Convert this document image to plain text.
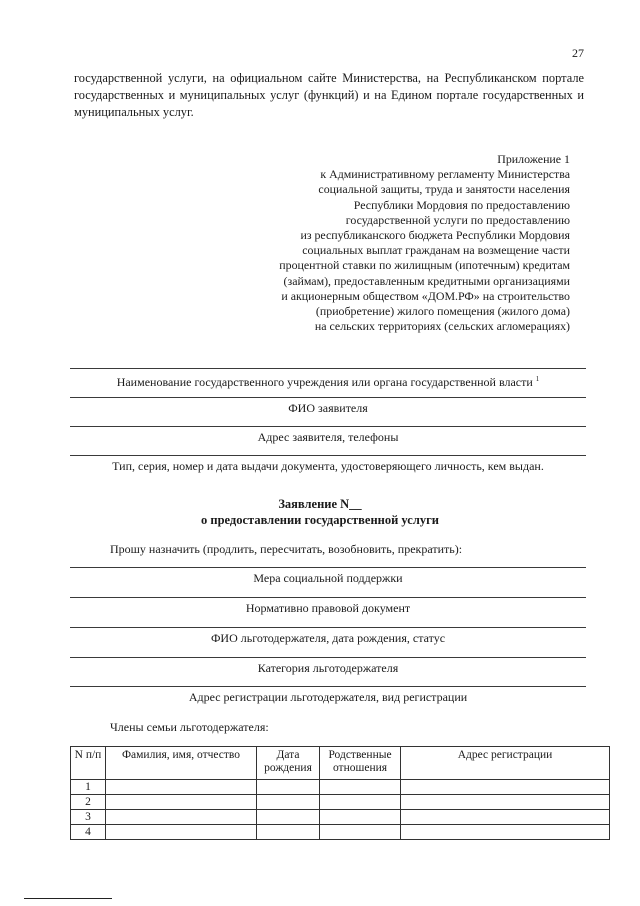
27

государственной услуги, на официальном сайте Министерства, на Республиканском портале государственных и муниципальных услуг (функций) и на Едином портале государственных и муниципальных услуг.

Приложение 1
к Административному регламенту Министерства
социальной защиты, труда и занятости населения
Республики Мордовия по предоставлению
государственной услуги по предоставлению
из республиканского бюджета Республики Мордовия
социальных выплат гражданам на возмещение части
процентной ставки по жилищным (ипотечным) кредитам
(займам), предоставленным кредитными организациями
и акционерным обществом «ДОМ.РФ» на строительство
(приобретение) жилого помещения (жилого дома)
на сельских территориях (сельских агломерациях)
Наименование государственного учреждения или органа государственной власти $^1$
ФИО заявителя
Адрес заявителя, телефоны
Тип, серия, номер и дата выдачи документа, удостоверяющего личность, кем выдан.
Заявление N__
о предоставлении государственной услуги
Прошу назначить (продлить, пересчитать, возобновить, прекратить):
Мера социальной поддержки
Нормативно правовой документ
ФИО льготодержателя, дата рождения, статус
Категория льготодержателя
Адрес регистрации льготодержателя, вид регистрации
Члены семьи льготодержателя:
N п/п	Фамилия, имя, отчество	Дата рождения	Родственные отношения	Адрес регистрации
1				
2				
3				
4				
